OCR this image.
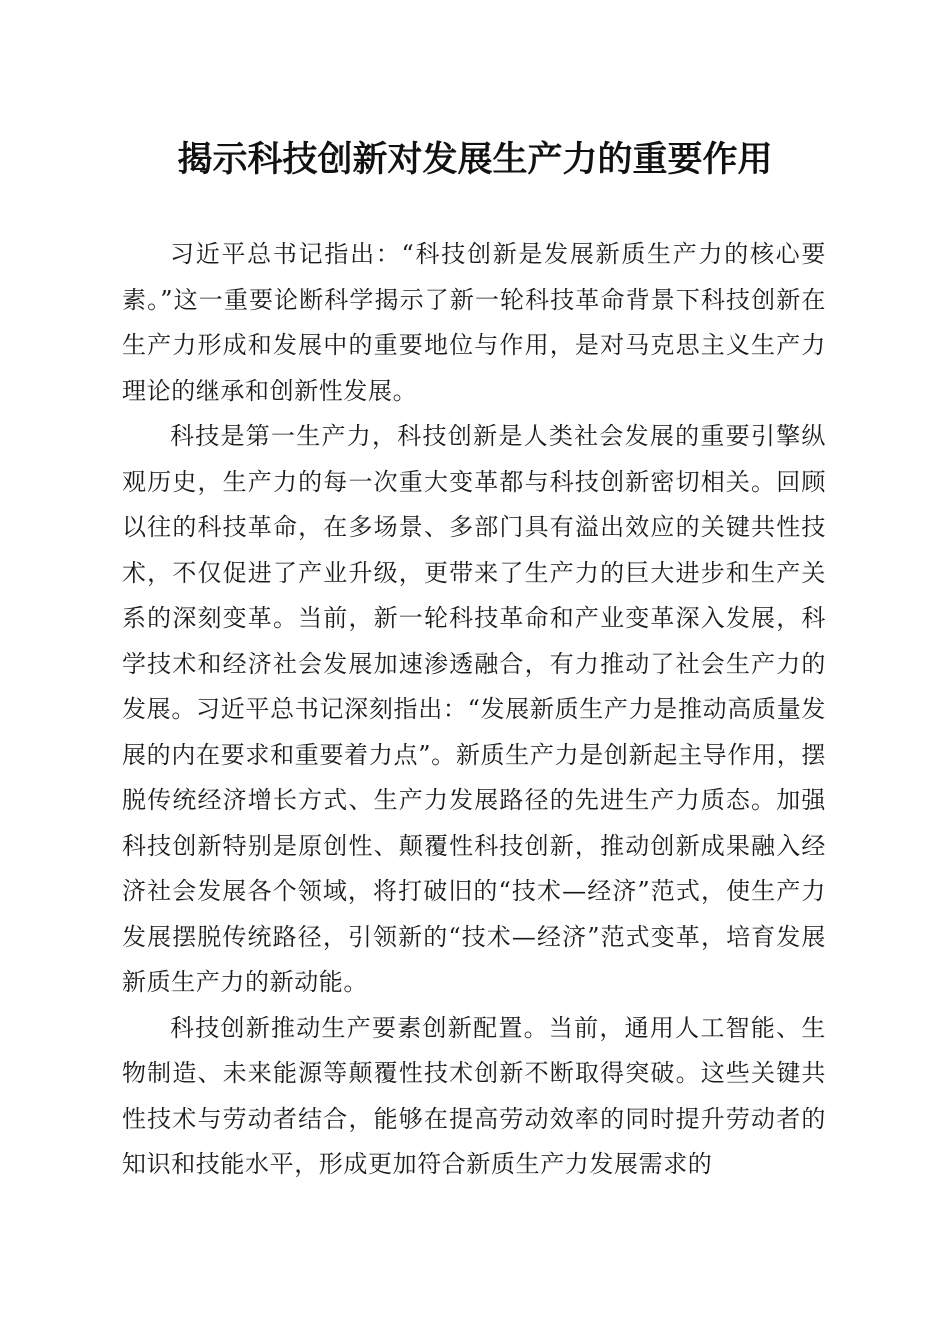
揭示科技创新对发展生产力的重要作用

习近平总书记指出：“科技创新是发展新质生产力的核心要素。”这一重要论断科学揭示了新一轮科技革命背景下科技创新在生产力形成和发展中的重要地位与作用，是对马克思主义生产力理论的继承和创新性发展。

科技是第一生产力，科技创新是人类社会发展的重要引擎纵观历史，生产力的每一次重大变革都与科技创新密切相关。回顾以往的科技革命，在多场景、多部门具有溢出效应的关键共性技术，不仅促进了产业升级，更带来了生产力的巨大进步和生产关系的深刻变革。当前，新一轮科技革命和产业变革深入发展，科学技术和经济社会发展加速渗透融合，有力推动了社会生产力的发展。习近平总书记深刻指出：“发展新质生产力是推动高质量发展的内在要求和重要着力点”。新质生产力是创新起主导作用，摆脱传统经济增长方式、生产力发展路径的先进生产力质态。加强科技创新特别是原创性、颠覆性科技创新，推动创新成果融入经济社会发展各个领域，将打破旧的“技术—经济”范式，使生产力发展摆脱传统路径，引领新的“技术—经济”范式变革，培育发展新质生产力的新动能。

科技创新推动生产要素创新配置。当前，通用人工智能、生物制造、未来能源等颠覆性技术创新不断取得突破。这些关键共性技术与劳动者结合，能够在提高劳动效率的同时提升劳动者的知识和技能水平，形成更加符合新质生产力发展需求的
